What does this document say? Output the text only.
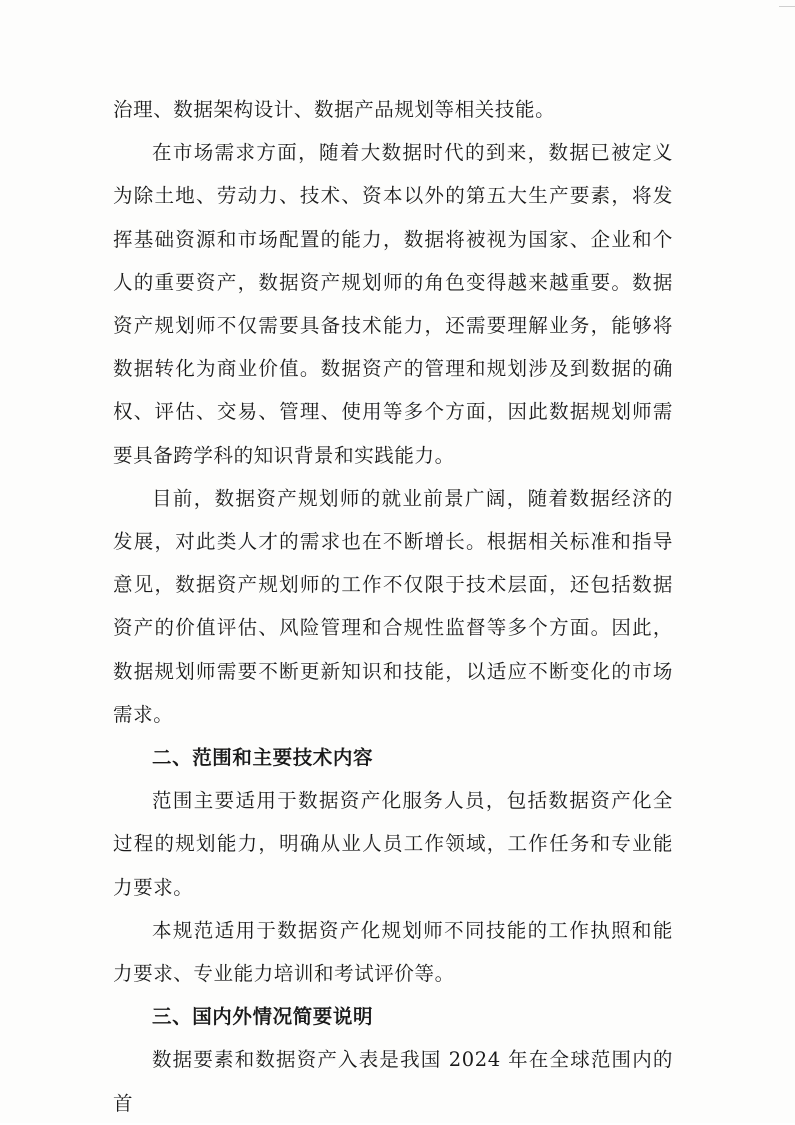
治理、数据架构设计、数据产品规划等相关技能。

在市场需求方面，随着大数据时代的到来，数据已被定义为除土地、劳动力、技术、资本以外的第五大生产要素，将发挥基础资源和市场配置的能力，数据将被视为国家、企业和个人的重要资产，数据资产规划师的角色变得越来越重要。数据资产规划师不仅需要具备技术能力，还需要理解业务，能够将数据转化为商业价值。数据资产的管理和规划涉及到数据的确权、评估、交易、管理、使用等多个方面，因此数据规划师需要具备跨学科的知识背景和实践能力。

目前，数据资产规划师的就业前景广阔，随着数据经济的发展，对此类人才的需求也在不断增长。根据相关标准和指导意见，数据资产规划师的工作不仅限于技术层面，还包括数据资产的价值评估、风险管理和合规性监督等多个方面。因此，数据规划师需要不断更新知识和技能，以适应不断变化的市场需求。

二、范围和主要技术内容

范围主要适用于数据资产化服务人员，包括数据资产化全过程的规划能力，明确从业人员工作领域，工作任务和专业能力要求。

本规范适用于数据资产化规划师不同技能的工作执照和能力要求、专业能力培训和考试评价等。

三、国内外情况简要说明

数据要素和数据资产入表是我国 2024 年在全球范围内的首
